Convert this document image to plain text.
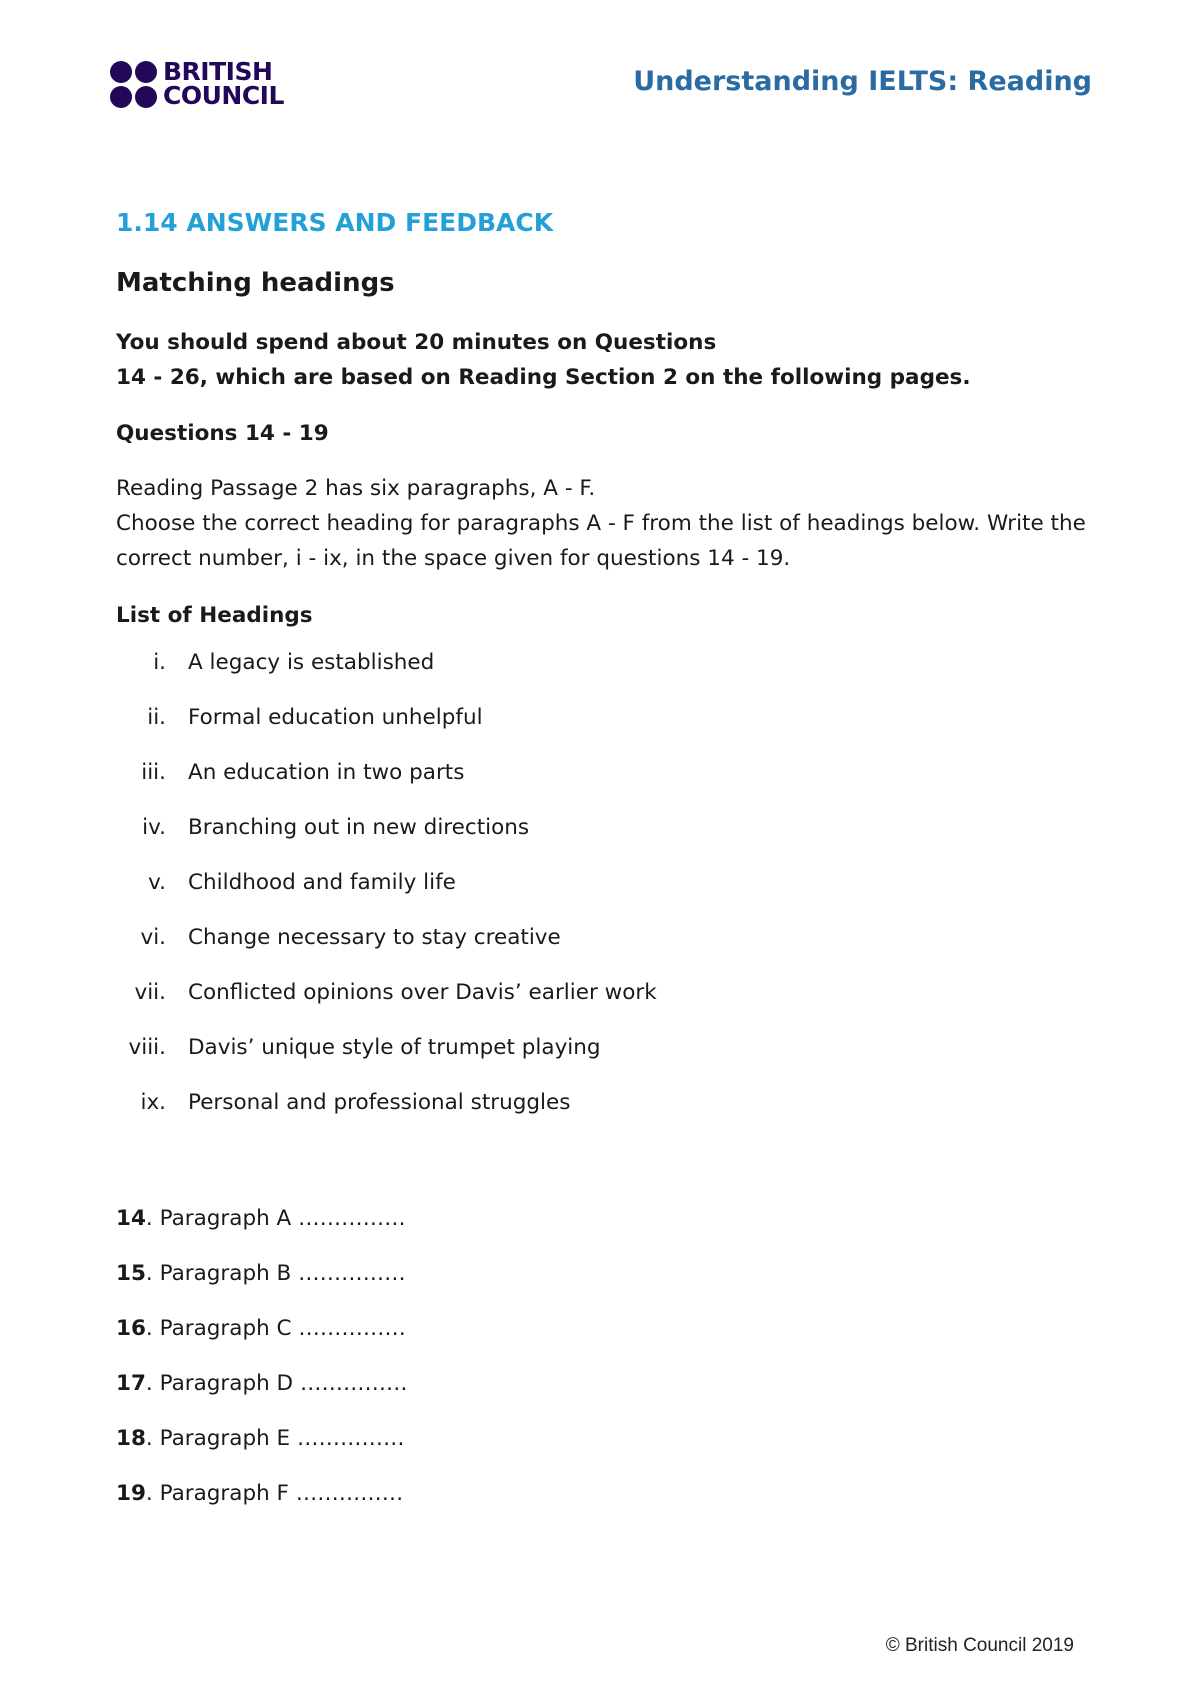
BRITISH
COUNCIL	Understanding IELTS: Reading
1.14 ANSWERS AND FEEDBACK
Matching headings
You should spend about 20 minutes on Questions
14 - 26, which are based on Reading Section 2 on the following pages.
Questions 14 - 19
Reading Passage 2 has six paragraphs, A - F.
Choose the correct heading for paragraphs A - F from the list of headings below. Write the correct number, i - ix, in the space given for questions 14 - 19.
List of Headings
i. A legacy is established
ii. Formal education unhelpful
iii. An education in two parts
iv. Branching out in new directions
v. Childhood and family life
vi. Change necessary to stay creative
vii. Conflicted opinions over Davis’ earlier work
viii. Davis’ unique style of trumpet playing
ix. Personal and professional struggles
14. Paragraph A ……………
15. Paragraph B ……………
16. Paragraph C ……………
17. Paragraph D ……………
18. Paragraph E ……………
19. Paragraph F ……………
© British Council 2019
